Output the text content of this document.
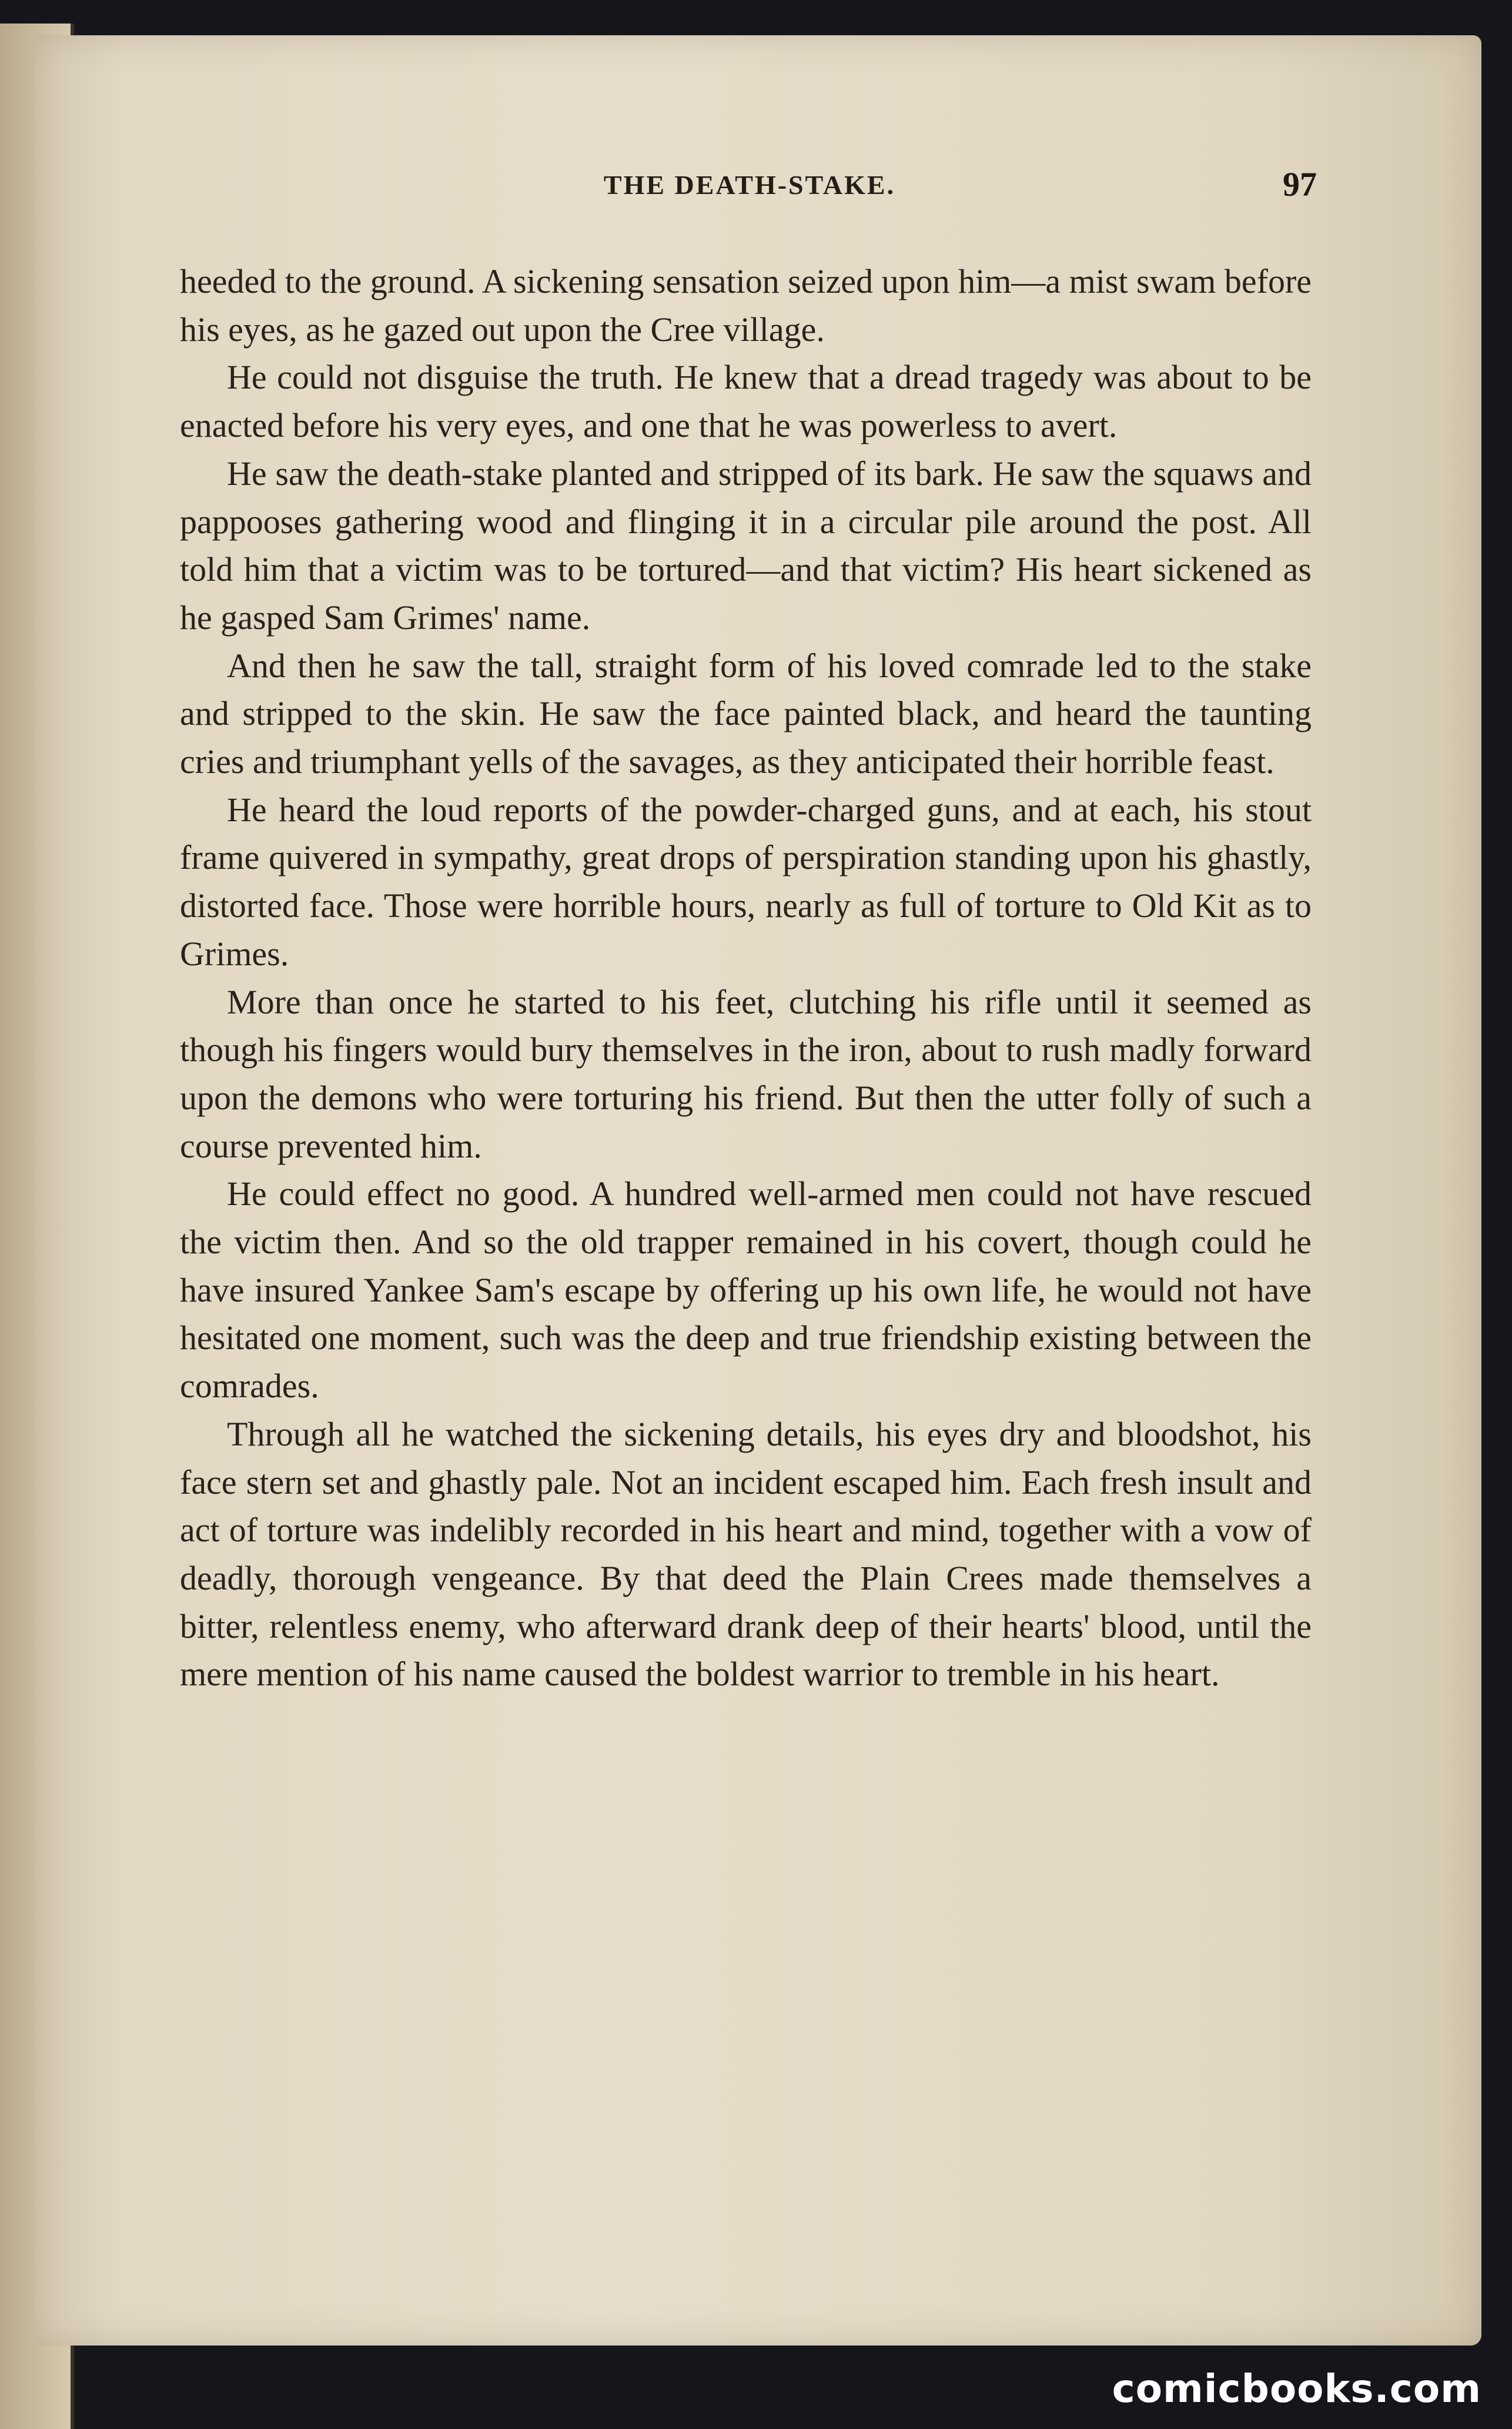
THE DEATH-STAKE.	97

heeded to the ground. A sickening sensation seized upon him—a mist swam before his eyes, as he gazed out upon the Cree village.

He could not disguise the truth. He knew that a dread tragedy was about to be enacted before his very eyes, and one that he was powerless to avert.

He saw the death-stake planted and stripped of its bark. He saw the squaws and pappooses gathering wood and flinging it in a circular pile around the post. All told him that a victim was to be tortured—and that victim? His heart sickened as he gasped Sam Grimes' name.

And then he saw the tall, straight form of his loved comrade led to the stake and stripped to the skin. He saw the face painted black, and heard the taunting cries and triumphant yells of the savages, as they anticipated their horrible feast.

He heard the loud reports of the powder-charged guns, and at each, his stout frame quivered in sympathy, great drops of perspiration standing upon his ghastly, distorted face. Those were horrible hours, nearly as full of torture to Old Kit as to Grimes.

More than once he started to his feet, clutching his rifle until it seemed as though his fingers would bury themselves in the iron, about to rush madly forward upon the demons who were torturing his friend. But then the utter folly of such a course prevented him.

He could effect no good. A hundred well-armed men could not have rescued the victim then. And so the old trapper remained in his covert, though could he have insured Yankee Sam's escape by offering up his own life, he would not have hesitated one moment, such was the deep and true friendship existing between the comrades.

Through all he watched the sickening details, his eyes dry and bloodshot, his face stern set and ghastly pale. Not an incident escaped him. Each fresh insult and act of torture was indelibly recorded in his heart and mind, together with a vow of deadly, thorough vengeance. By that deed the Plain Crees made themselves a bitter, relentless enemy, who afterward drank deep of their hearts' blood, until the mere mention of his name caused the boldest warrior to tremble in his heart.

comicbooks.com
